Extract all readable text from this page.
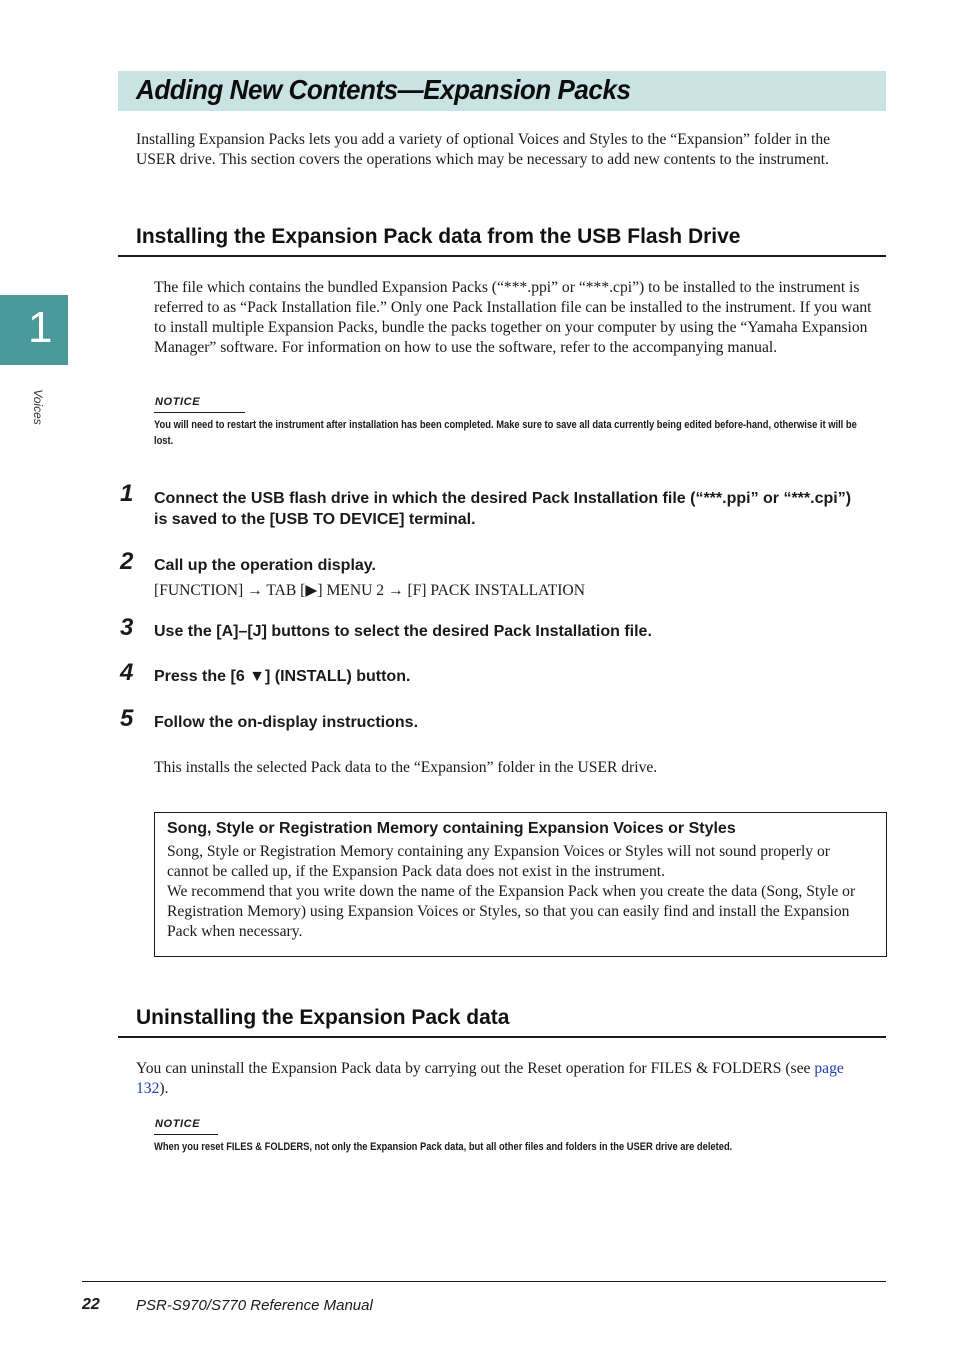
Adding New Contents—Expansion Packs
Installing Expansion Packs lets you add a variety of optional Voices and Styles to the “Expansion” folder in the USER drive. This section covers the operations which may be necessary to add new contents to the instrument.
Installing the Expansion Pack data from the USB Flash Drive
1
Voices
The file which contains the bundled Expansion Packs (“***.ppi” or “***.cpi”) to be installed to the instrument is referred to as “Pack Installation file.” Only one Pack Installation file can be installed to the instrument. If you want to install multiple Expansion Packs, bundle the packs together on your computer by using the “Yamaha Expansion Manager” software. For information on how to use the software, refer to the accompanying manual.
NOTICE
You will need to restart the instrument after installation has been completed. Make sure to save all data currently being edited before-hand, otherwise it will be lost.
1 Connect the USB flash drive in which the desired Pack Installation file (“***.ppi” or “***.cpi”) is saved to the [USB TO DEVICE] terminal.
2 Call up the operation display.
[FUNCTION] → TAB [▶] MENU 2 → [F] PACK INSTALLATION
3 Use the [A]–[J] buttons to select the desired Pack Installation file.
4 Press the [6 ▼] (INSTALL) button.
5 Follow the on-display instructions.
This installs the selected Pack data to the “Expansion” folder in the USER drive.
Song, Style or Registration Memory containing Expansion Voices or Styles
Song, Style or Registration Memory containing any Expansion Voices or Styles will not sound properly or cannot be called up, if the Expansion Pack data does not exist in the instrument.
We recommend that you write down the name of the Expansion Pack when you create the data (Song, Style or Registration Memory) using Expansion Voices or Styles, so that you can easily find and install the Expansion Pack when necessary.
Uninstalling the Expansion Pack data
You can uninstall the Expansion Pack data by carrying out the Reset operation for FILES & FOLDERS (see page 132).
NOTICE
When you reset FILES & FOLDERS, not only the Expansion Pack data, but all other files and folders in the USER drive are deleted.
22 PSR-S970/S770 Reference Manual
